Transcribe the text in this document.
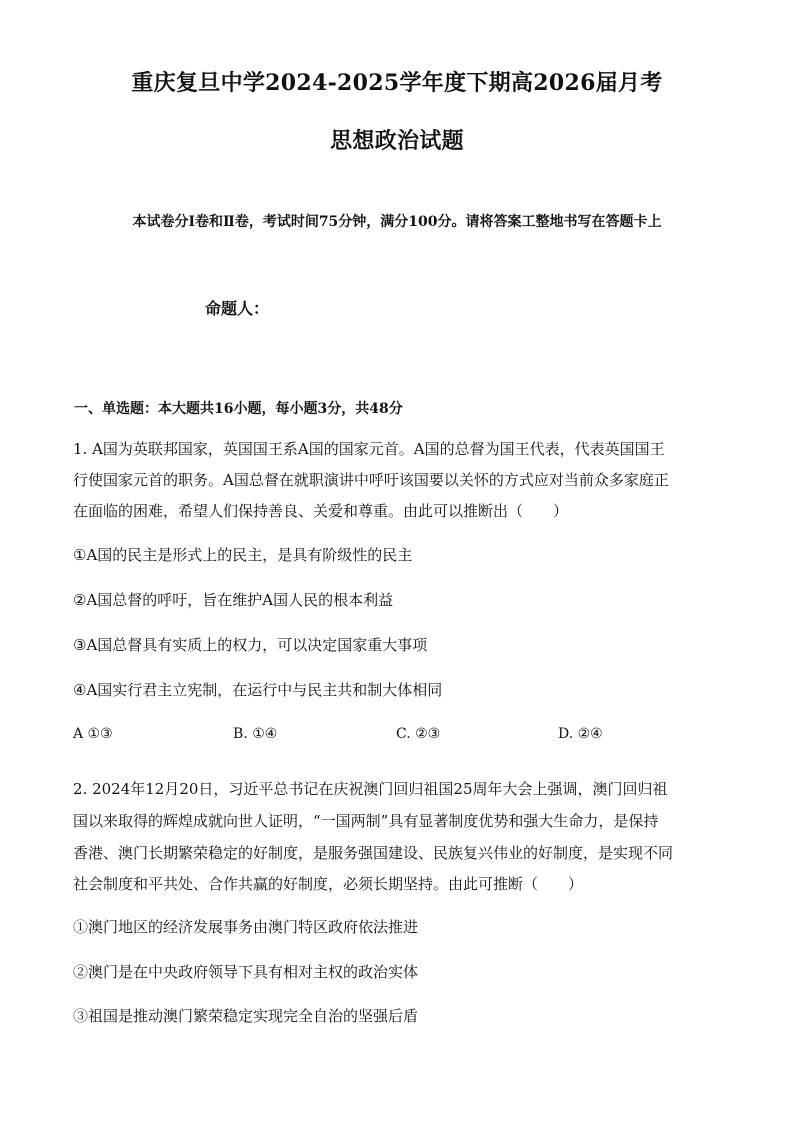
重庆复旦中学2024-2025学年度下期高2026届月考
思想政治试题
本试卷分Ⅰ卷和Ⅱ卷，考试时间75分钟，满分100分。请将答案工整地书写在答题卡上
命题人：
一、单选题：本大题共16小题，每小题3分，共48分
1. A国为英联邦国家，英国国王系A国的国家元首。A国的总督为国王代表，代表英国国王
行使国家元首的职务。A国总督在就职演讲中呼吁该国要以关怀的方式应对当前众多家庭正
在面临的困难，希望人们保持善良、关爱和尊重。由此可以推断出（　　）
①A国的民主是形式上的民主，是具有阶级性的民主
②A国总督的呼吁，旨在维护A国人民的根本利益
③A国总督具有实质上的权力，可以决定国家重大事项
④A国实行君主立宪制，在运行中与民主共和制大体相同
A ①③	B. ①④	C. ②③	D. ②④
2. 2024年12月20日，习近平总书记在庆祝澳门回归祖国25周年大会上强调，澳门回归祖
国以来取得的辉煌成就向世人证明，“一国两制”具有显著制度优势和强大生命力，是保持
香港、澳门长期繁荣稳定的好制度，是服务强国建设、民族复兴伟业的好制度，是实现不同
社会制度和平共处、合作共赢的好制度，必须长期坚持。由此可推断（　　）
①澳门地区的经济发展事务由澳门特区政府依法推进
②澳门是在中央政府领导下具有相对主权的政治实体
③祖国是推动澳门繁荣稳定实现完全自治的坚强后盾
